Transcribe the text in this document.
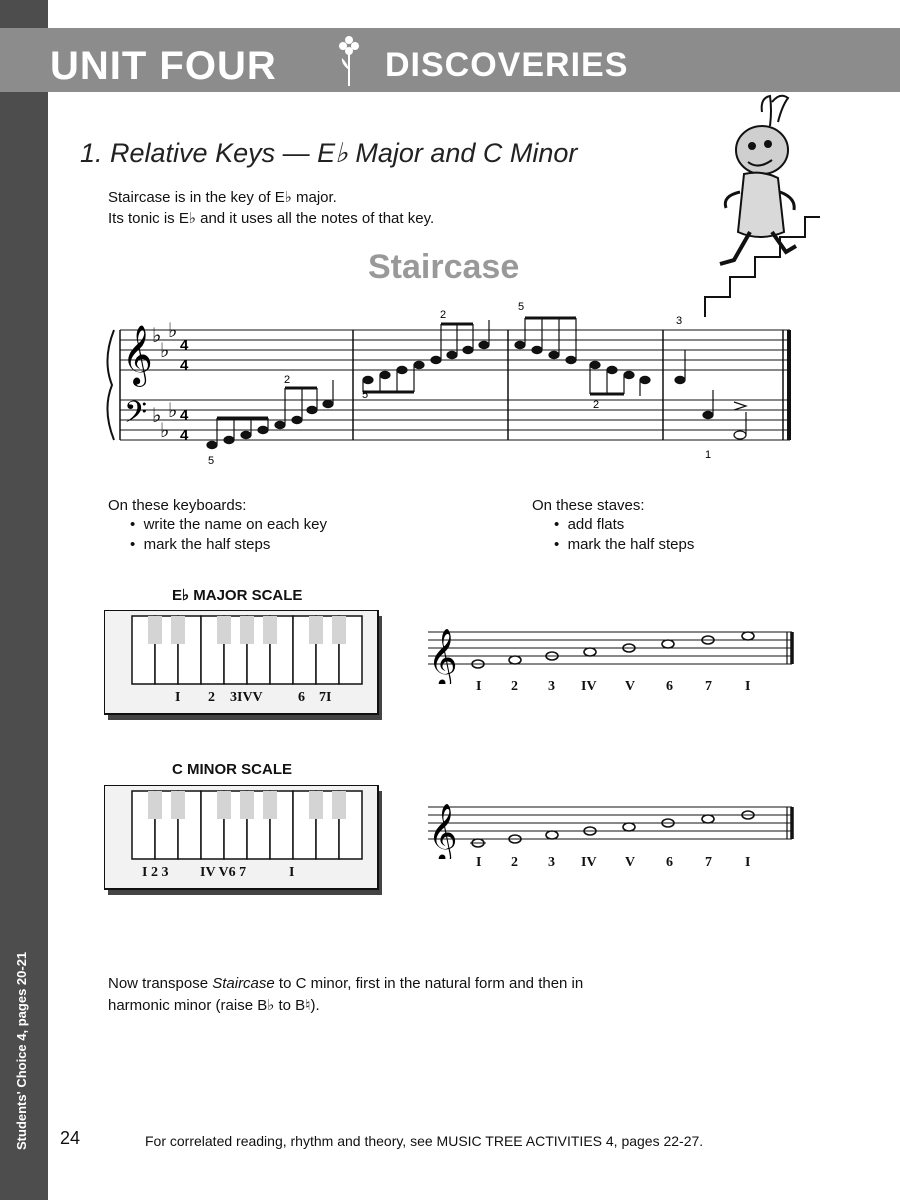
Students' Choice 4, pages 20-21
UNIT FOUR	DISCOVERIES
1. Relative Keys — E♭ Major and C Minor
Staircase is in the key of E♭ major.
Its tonic is E♭ and it uses all the notes of that key.
Staircase
𝄞
𝄢
♭
♭
♭
♭
♭
♭
4
4
4
4
5
2
5
2
5
2
3
1
On these keyboards:
•  write the name on each key
•  mark the half steps
On these staves:
•  add flats
•  mark the half steps
E♭ MAJOR SCALE
I 2 3IVV	6 7I
𝄞
I 2 3 IV V 6 7 I
C MINOR SCALE
I 2 3 IV V6 7	I
𝄞
I 2 3 IV V 6 7 I
Now transpose Staircase to C minor, first in the natural form and then in
harmonic minor (raise B♭ to B♮).
24	For correlated reading, rhythm and theory, see MUSIC TREE ACTIVITIES 4, pages 22-27.
